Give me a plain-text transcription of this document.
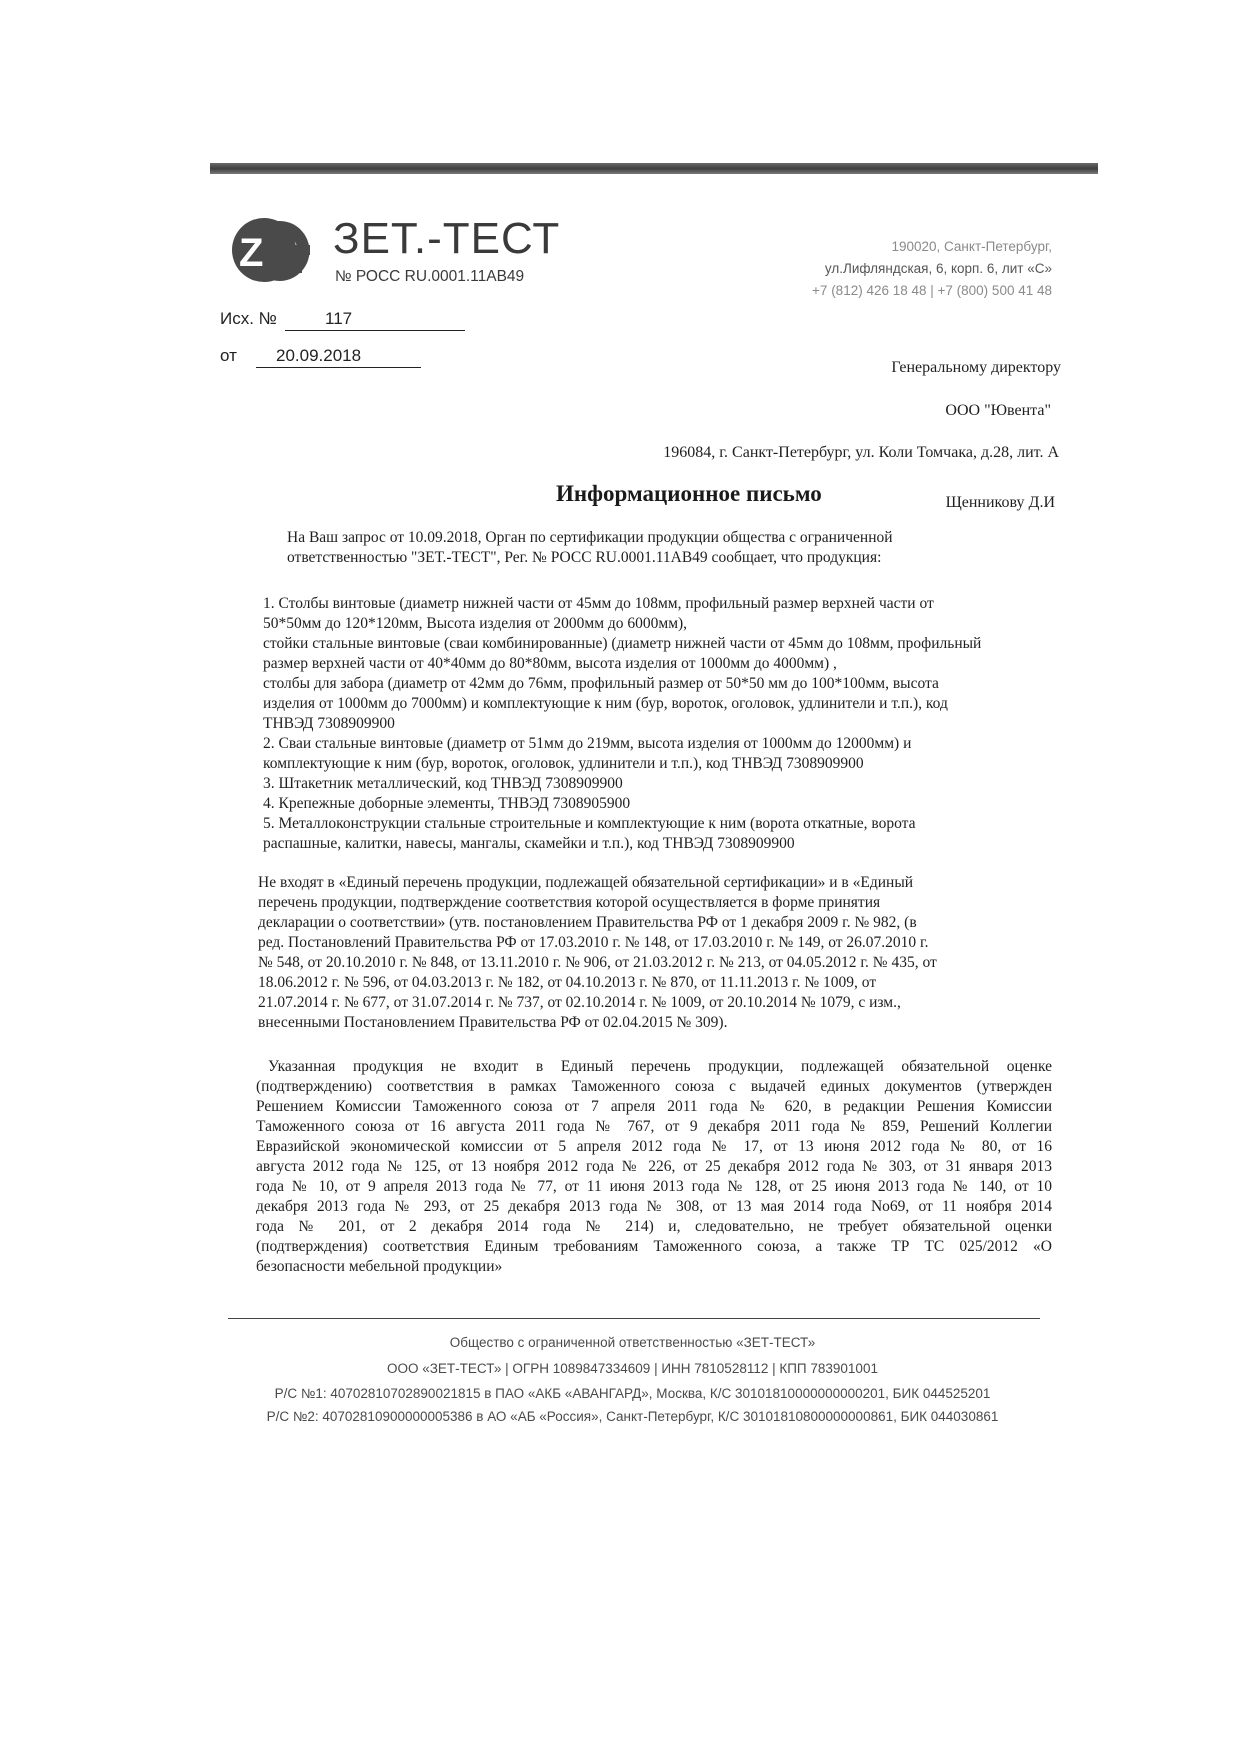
Z ЗЕТ.-ТЕСТ
№ РОСС RU.0001.11АВ49
190020, Санкт-Петербург,
ул.Лифляндская, 6, корп. 6, лит «С»
+7 (812) 426 18 48 | +7 (800) 500 41 48
Исх. №	117
от	20.09.2018
Генеральному директору
ООО "Ювента"
196084, г. Санкт-Петербург, ул. Коли Томчака, д.28, лит. А
Щенникову Д.И
Информационное письмо
На Ваш запрос от 10.09.2018, Орган по сертификации продукции общества с ограниченной
ответственностью "ЗЕТ.-ТЕСТ", Рег. № РОСС RU.0001.11АВ49 сообщает, что продукция:
1. Столбы винтовые (диаметр нижней части от 45мм до 108мм, профильный размер верхней части от
50*50мм до 120*120мм, Высота изделия от 2000мм до 6000мм),
стойки стальные винтовые (сваи комбинированные) (диаметр нижней части от 45мм до 108мм, профильный
размер верхней части от 40*40мм до 80*80мм, высота изделия от 1000мм до 4000мм) ,
столбы для забора (диаметр от 42мм до 76мм, профильный размер от 50*50 мм до 100*100мм, высота
изделия от 1000мм до 7000мм) и комплектующие к ним (бур, вороток, оголовок, удлинители и т.п.), код
ТНВЭД 7308909900
2. Сваи стальные винтовые (диаметр от 51мм до 219мм, высота изделия от 1000мм до 12000мм) и
комплектующие к ним (бур, вороток, оголовок, удлинители и т.п.), код ТНВЭД 7308909900
3. Штакетник металлический, код ТНВЭД 7308909900
4. Крепежные доборные элементы, ТНВЭД 7308905900
5. Металлоконструкции стальные строительные и комплектующие к ним (ворота откатные, ворота
распашные, калитки, навесы, мангалы, скамейки и т.п.), код ТНВЭД 7308909900
Не входят в «Единый перечень продукции, подлежащей обязательной сертификации» и в «Единый
перечень продукции, подтверждение соответствия которой осуществляется в форме принятия
декларации о соответствии» (утв. постановлением Правительства РФ от 1 декабря 2009 г. № 982, (в
ред. Постановлений Правительства РФ от 17.03.2010 г. № 148, от 17.03.2010 г. № 149, от 26.07.2010 г.
№ 548, от 20.10.2010 г. № 848, от 13.11.2010 г. № 906, от 21.03.2012 г. № 213, от 04.05.2012 г. № 435, от
18.06.2012 г. № 596, от 04.03.2013 г. № 182, от 04.10.2013 г. № 870, от 11.11.2013 г. № 1009, от
21.07.2014 г. № 677, от 31.07.2014 г. № 737, от 02.10.2014 г. № 1009, от 20.10.2014 № 1079, с изм.,
внесенными Постановлением Правительства РФ от 02.04.2015 № 309).
Указанная продукция не входит в Единый перечень продукции, подлежащей обязательной оценке
(подтверждению) соответствия в рамках Таможенного союза с выдачей единых документов (утвержден
Решением Комиссии Таможенного союза от 7 апреля 2011 года № 620, в редакции Решения Комиссии
Таможенного союза от 16 августа 2011 года № 767, от 9 декабря 2011 года № 859, Решений Коллегии
Евразийской экономической комиссии от 5 апреля 2012 года № 17, от 13 июня 2012 года № 80, от 16
августа 2012 года № 125, от 13 ноября 2012 года № 226, от 25 декабря 2012 года № 303, от 31 января 2013
года № 10, от 9 апреля 2013 года № 77, от 11 июня 2013 года № 128, от 25 июня 2013 года № 140, от 10
декабря 2013 года № 293, от 25 декабря 2013 года № 308, от 13 мая 2014 года No69, от 11 ноября 2014
года № 201, от 2 декабря 2014 года № 214) и, следовательно, не требует обязательной оценки
(подтверждения) соответствия Единым требованиям Таможенного союза, а также ТР ТС 025/2012 «О
безопасности мебельной продукции»
Общество с ограниченной ответственностью «ЗЕТ-ТЕСТ»
ООО «ЗЕТ-ТЕСТ» | ОГРН 1089847334609 | ИНН 7810528112 | КПП 783901001
Р/С №1: 40702810702890021815 в ПАО «АКБ «АВАНГАРД», Москва, К/С 30101810000000000201, БИК 044525201
Р/С №2: 40702810900000005386 в АО «АБ «Россия», Санкт-Петербург, К/С 30101810800000000861, БИК 044030861
